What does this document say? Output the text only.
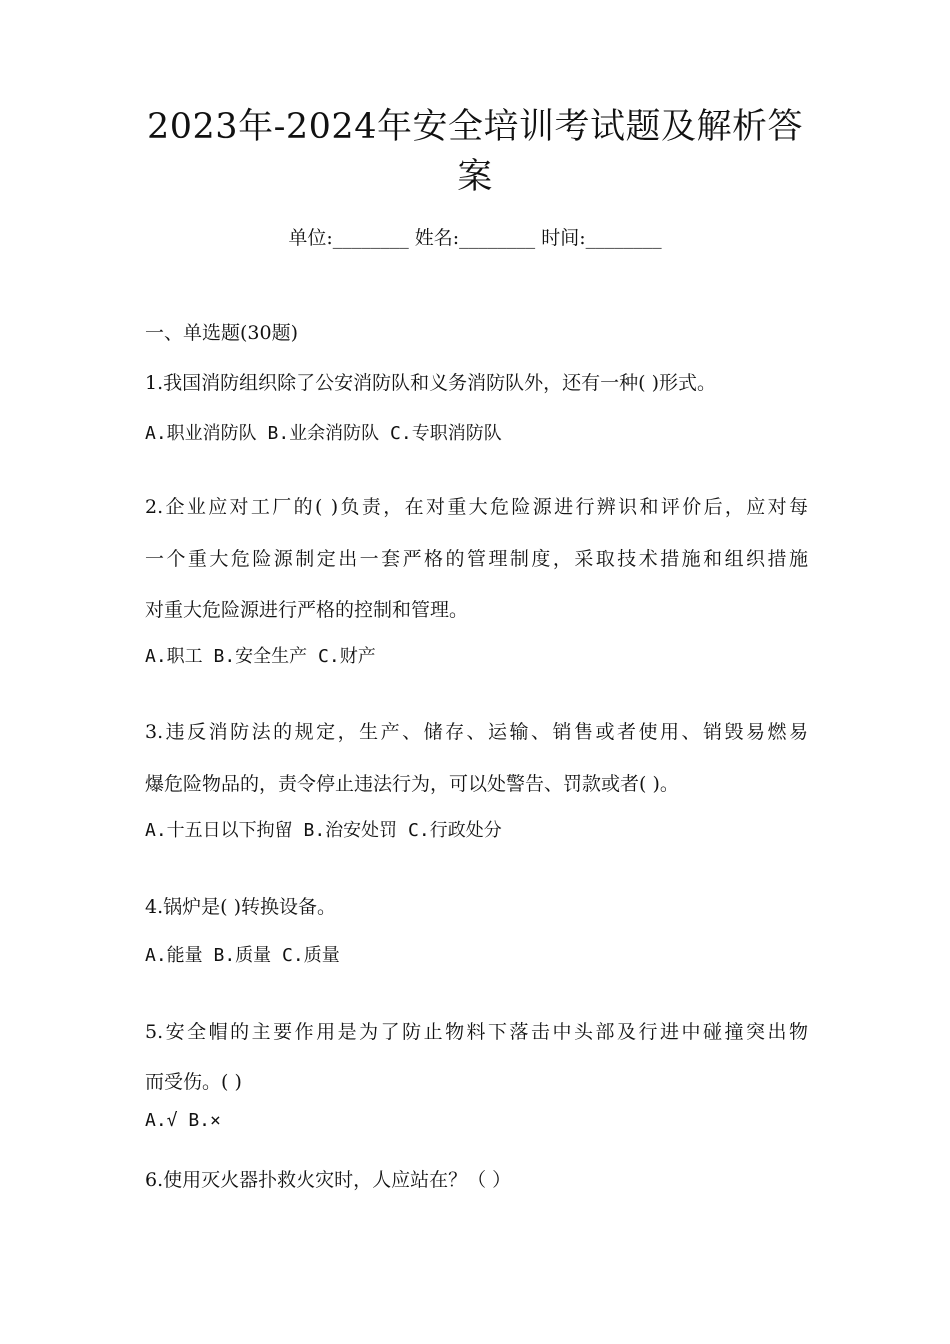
2023年-2024年安全培训考试题及解析答
案
单位:________ 姓名:________ 时间:________
一、单选题(30题)
1.我国消防组织除了公安消防队和义务消防队外，还有一种( )形式。
A.职业消防队 B.业余消防队 C.专职消防队
2.企业应对工厂的( )负责，在对重大危险源进行辨识和评价后，应对每
一个重大危险源制定出一套严格的管理制度，采取技术措施和组织措施
对重大危险源进行严格的控制和管理。
A.职工 B.安全生产 C.财产
3.违反消防法的规定，生产、储存、运输、销售或者使用、销毁易燃易
爆危险物品的，责令停止违法行为，可以处警告、罚款或者( )。
A.十五日以下拘留 B.治安处罚 C.行政处分
4.锅炉是( )转换设备。
A.能量 B.质量 C.质量
5.安全帽的主要作用是为了防止物料下落击中头部及行进中碰撞突出物
而受伤。( )
A.√ B.×
6.使用灭火器扑救火灾时，人应站在？（ ）
